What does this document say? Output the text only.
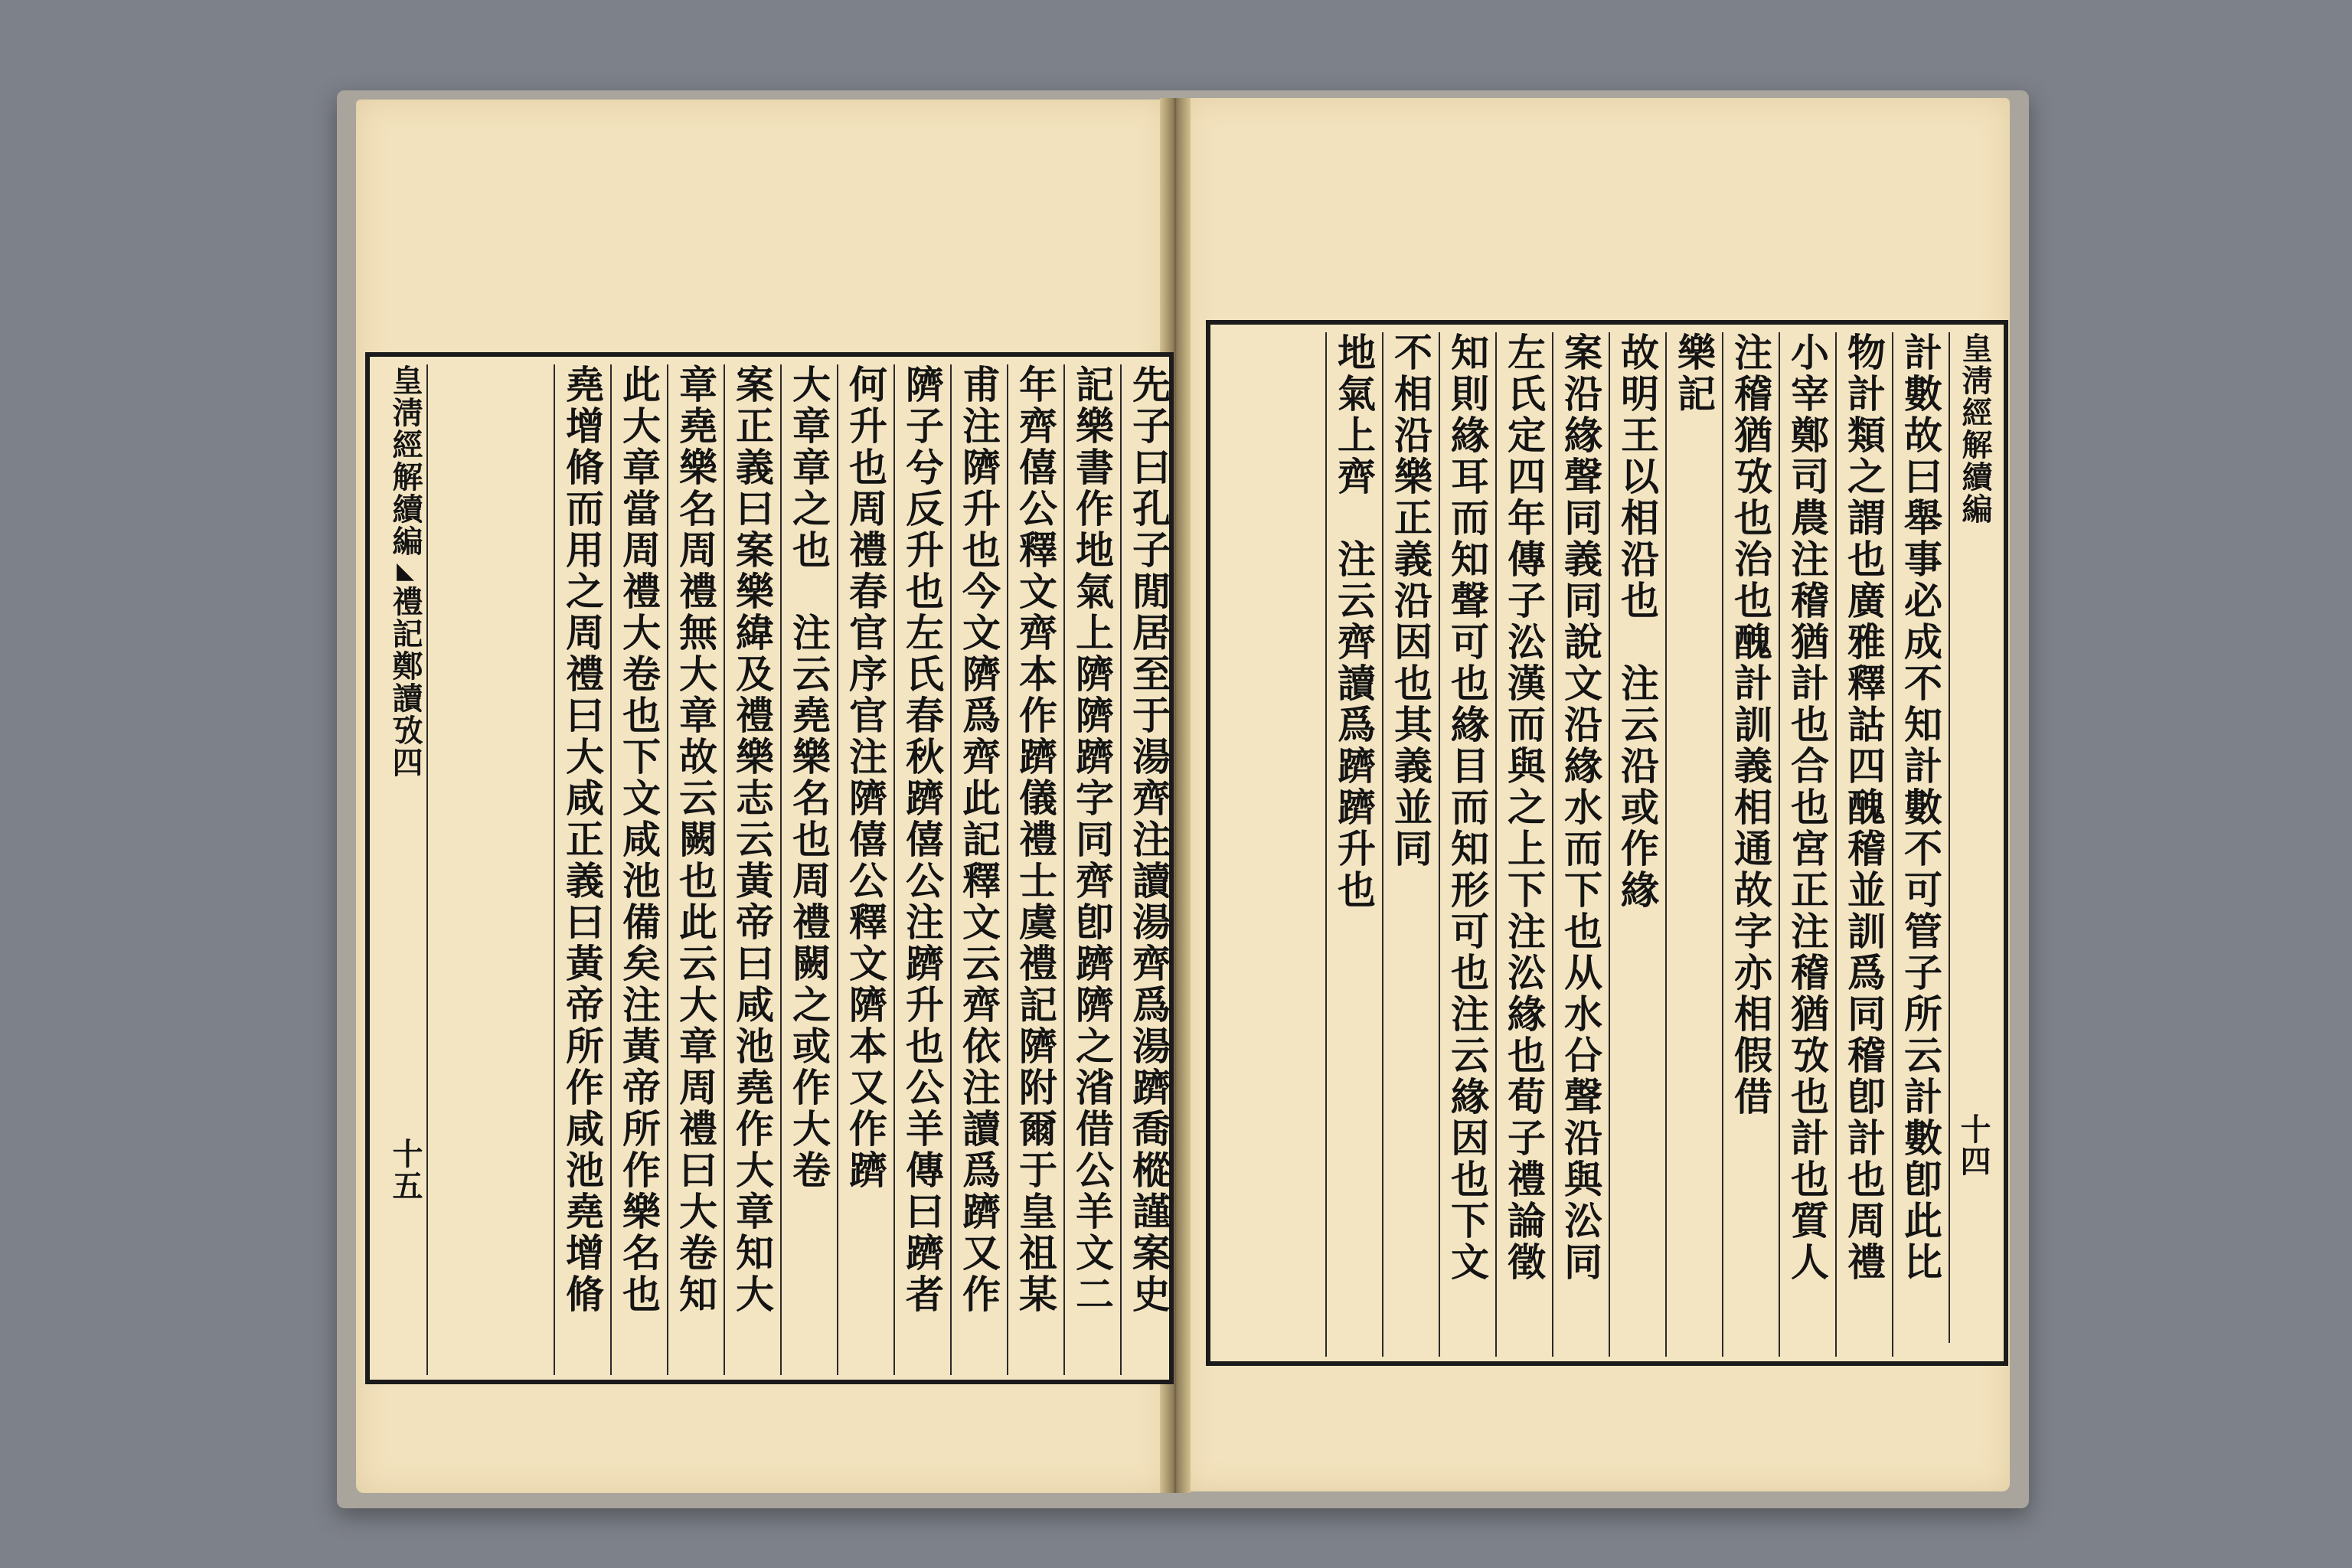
先子曰孔子閒居至于湯齊注讀湯齊爲湯躋喬樅謹案史
記樂書作地氣上隮隮躋字同齊卽躋隮之渻借公羊文二
年齊僖公釋文齊本作躋儀禮士虞禮記隮附爾于皇祖某
甫注隮升也今文隮爲齊此記釋文云齊依注讀爲躋又作
隮子兮反升也左氏春秋躋僖公注躋升也公羊傳曰躋者
何升也周禮春官序官注隮僖公釋文隮本又作躋
大章章之也　注云堯樂名也周禮闕之或作大卷
案正義曰案樂緯及禮樂志云黃帝曰咸池堯作大章知大
章堯樂名周禮無大章故云闕也此云大章周禮曰大卷知
此大章當周禮大卷也下文咸池備矣注黃帝所作樂名也
堯增脩而用之周禮曰大咸正義曰黃帝所作咸池堯增脩
皇淸經解續編◣禮記鄭讀攷四
十五
皇淸經解續編
十四
計數故曰舉事必成不知計數不可管子所云計數卽此比
物計類之謂也廣雅釋詁四醜稽並訓爲同稽卽計也周禮
小宰鄭司農注稽猶計也合也宮正注稽猶攷也計也質人
注稽猶攷也治也醜計訓義相通故字亦相假借
樂記
故明王以相沿也　注云沿或作緣
案沿緣聲同義同說文沿緣水而下也从水㕣聲沿與㳂同
左氏定四年傳子㳂漢而與之上下注㳂緣也荀子禮論徵
知則緣耳而知聲可也緣目而知形可也注云緣因也下文
不相沿樂正義沿因也其義並同
地氣上齊　注云齊讀爲躋躋升也
